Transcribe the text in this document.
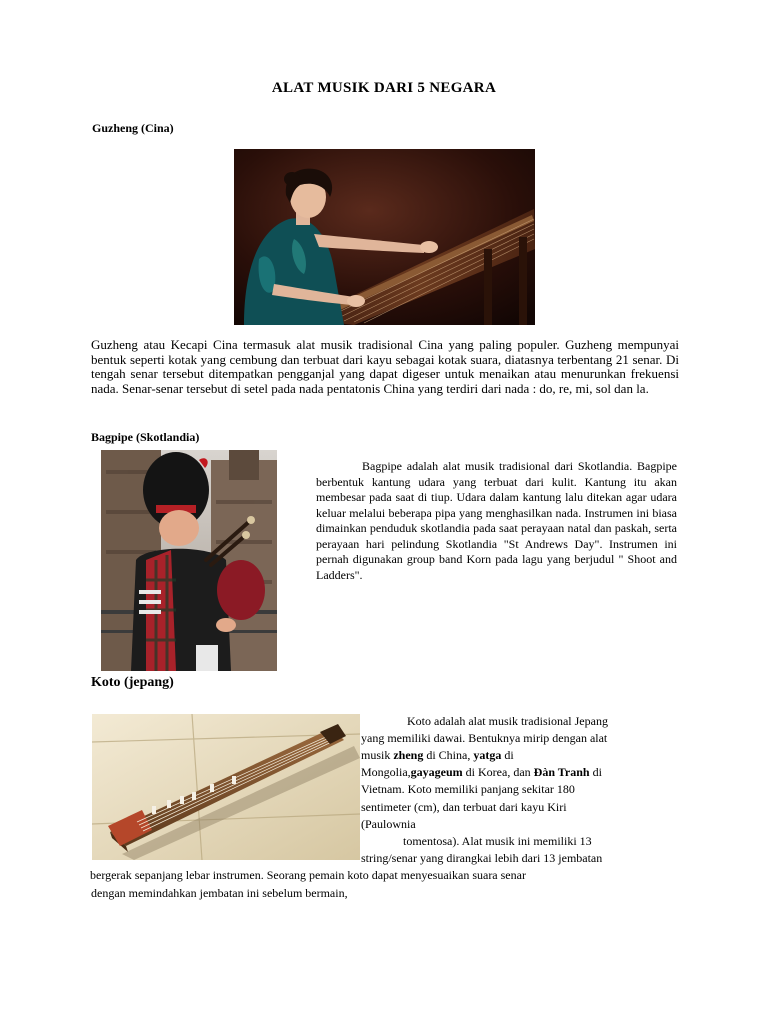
ALAT MUSIK DARI 5 NEGARA
Guzheng (Cina)
Guzheng atau Kecapi Cina termasuk alat musik tradisional Cina yang paling populer. Guzheng mempunyai bentuk seperti kotak yang cembung dan terbuat dari kayu sebagai kotak suara, diatasnya terbentang 21 senar. Di tengah senar tersebut ditempatkan pengganjal yang dapat digeser untuk menaikan atau menurunkan frekuensi nada. Senar-senar tersebut di setel pada nada pentatonis China yang terdiri dari nada : do, re, mi, sol dan la.
Bagpipe (Skotlandia)
Bagpipe adalah alat musik tradisional dari Skotlandia. Bagpipe berbentuk kantung udara yang terbuat dari kulit. Kantung itu akan membesar pada saat di tiup. Udara dalam kantung lalu ditekan agar udara keluar melalui beberapa pipa yang menghasilkan nada. Instrumen ini biasa dimainkan penduduk skotlandia pada saat perayaan natal dan paskah, serta perayaan hari pelindung Skotlandia "St Andrews Day". Instrumen ini pernah digunakan group band Korn pada lagu yang berjudul " Shoot and Ladders".
Koto (jepang)
Koto adalah alat musik tradisional Jepang
yang memiliki dawai. Bentuknya mirip dengan alat
musik zheng di China, yatga di
Mongolia,gayageum di Korea, dan Đàn Tranh di
Vietnam. Koto memiliki panjang sekitar 180
sentimeter (cm), dan terbuat dari kayu Kiri
(Paulownia
tomentosa). Alat musik ini memiliki 13
string/senar yang dirangkai lebih dari 13 jembatan
bergerak sepanjang lebar instrumen. Seorang pemain koto dapat menyesuaikan suara senar
dengan memindahkan jembatan ini sebelum bermain,
